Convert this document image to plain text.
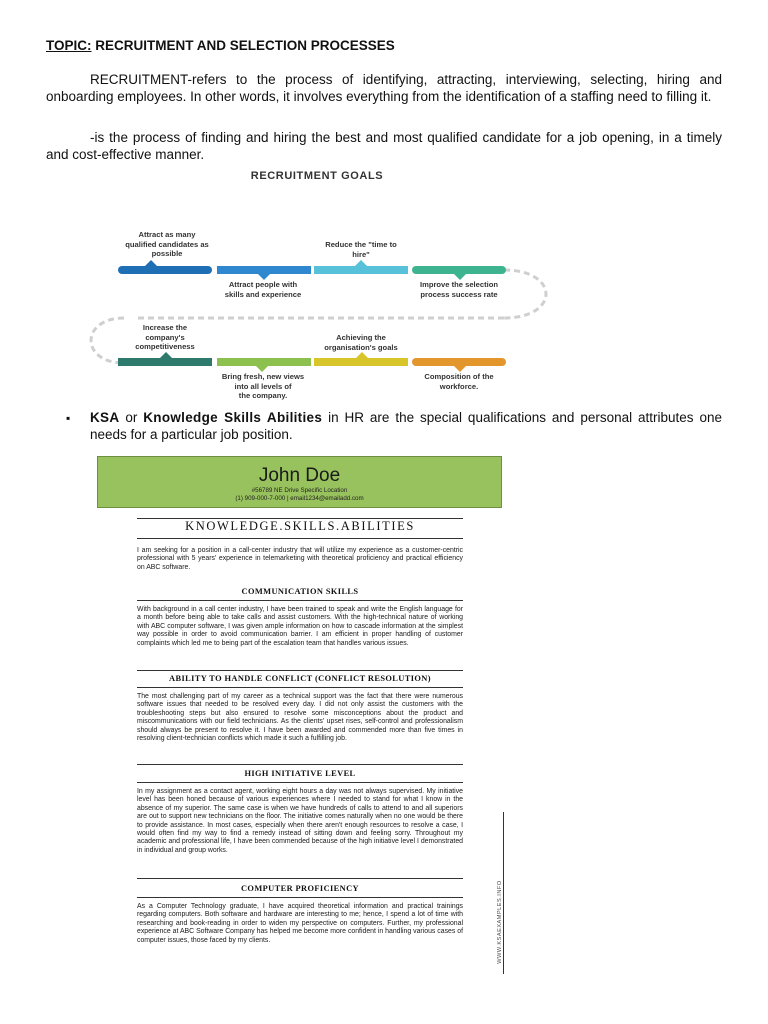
TOPIC: RECRUITMENT AND SELECTION PROCESSES

RECRUITMENT-refers to the process of identifying, attracting, interviewing, selecting, hiring and onboarding employees. In other words, it involves everything from the identification of a staffing need to filling it.

-is the process of finding and hiring the best and most qualified candidate for a job opening, in a timely and cost-effective manner.

RECRUITMENT GOALS
Attract as many
qualified candidates as
possible
Attract people with
skills and experience
Reduce the "time to
hire"
Improve the selection
process success rate
Increase the
company's
competitiveness
Bring fresh, new views
into all levels of
the company.
Achieving the
organisation's goals
Composition of the
workforce.
▪ KSA or Knowledge Skills Abilities in HR are the special qualifications and personal attributes one needs for a particular job position.

John Doe
#56789 NE Drive Specific Location
(1) 909-000-7-000 | email1234@emailadd.com
KNOWLEDGE.SKILLS.ABILITIES
I am seeking for a position in a call-center industry that will utilize my experience as a customer-centric professional with 5 years' experience in telemarketing with theoretical proficiency and practical efficiency on ABC software.
COMMUNICATION SKILLS
With background in a call center industry, I have been trained to speak and write the English language for a month before being able to take calls and assist customers. With the high-technical nature of working with ABC computer software, I was given ample information on how to cascade information at the simplest way possible in order to avoid communication barrier. I am efficient in proper handling of customer complaints which led me to being part of the escalation team that handles various issues.
ABILITY TO HANDLE CONFLICT (CONFLICT RESOLUTION)
The most challenging part of my career as a technical support was the fact that there were numerous software issues that needed to be resolved every day. I did not only assist the customers with the troubleshooting steps but also ensured to resolve some misconceptions about the product and miscommunications with our field technicians. As the clients' upset rises, self-control and professionalism should always be present to resolve it. I have been awarded and commended more than five times in resolving client-technician conflicts which made it such a fulfilling job.
HIGH INITIATIVE LEVEL
In my assignment as a contact agent, working eight hours a day was not always supervised. My initiative level has been honed because of various experiences where I needed to stand for what I know in the absence of my superior. The same case is when we have hundreds of calls to attend to and all superiors are out to support new technicians on the floor. The initiative comes naturally when no one would be there to provide assistance. In most cases, especially when there aren't enough resources to resolve a case, I would often find my way to find a remedy instead of sitting down and feeling sorry. Throughout my academic and professional life, I have been commended because of the high initiative level I demonstrated in individual and group works.
COMPUTER PROFICIENCY
As a Computer Technology graduate, I have acquired theoretical information and practical trainings regarding computers. Both software and hardware are interesting to me; hence, I spend a lot of time with researching and book-reading in order to widen my perspective on computers. Further, my professional experience at ABC Software Company has helped me become more confident in handling various cases of computer issues, those faced by my clients.	WWW.KSAEXAMPLES.INFO
